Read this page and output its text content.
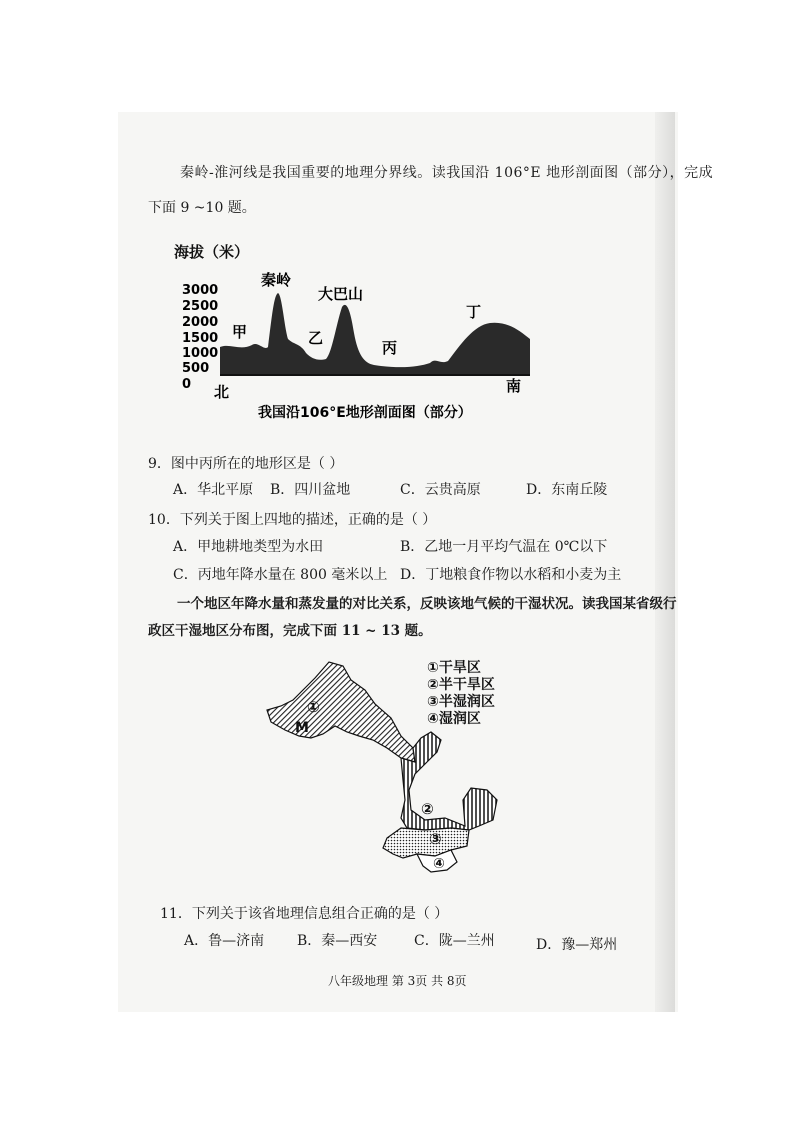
秦岭-淮河线是我国重要的地理分界线。读我国沿 106°E 地形剖面图（部分），完成
下面 9 ~10 题。
海拔（米）
3000
2500
2000
1500
1000
500
0
秦岭
大巴山
甲	乙
丙
丁
北	南
我国沿106°E地形剖面图（部分）
9．图中丙所在的地形区是（ ）
A．华北平原 B．四川盆地	C．云贵高原	D．东南丘陵
10．下列关于图上四地的描述，正确的是（ ）
A．甲地耕地类型为水田	B．乙地一月平均气温在 0℃以下
C．丙地年降水量在 800 毫米以上 D．丁地粮食作物以水稻和小麦为主
一个地区年降水量和蒸发量的对比关系，反映该地气候的干湿状况。读我国某省级行
政区干湿地区分布图，完成下面 11 ~ 13 题。
①
M
②
③
④
①干旱区
②半干旱区
③半湿润区
④湿润区
11．下列关于该省地理信息组合正确的是（ ）
A．鲁—济南 B．秦—西安	C．陇—兰州	D．豫—郑州
八年级地理 第 3页 共 8页
